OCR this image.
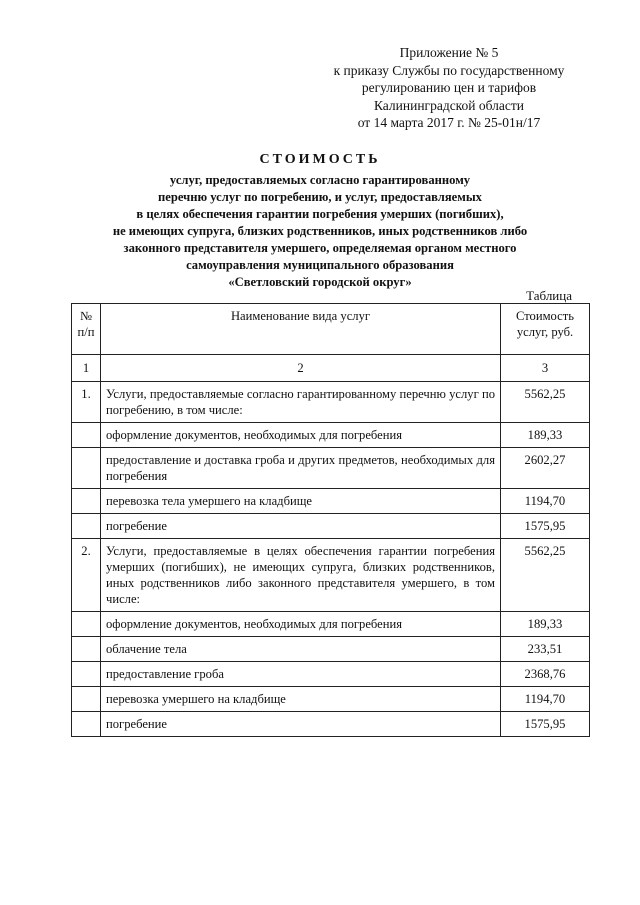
Приложение № 5
к приказу Службы по государственному
регулированию цен и тарифов
Калининградской области
от 14 марта 2017 г. № 25-01н/17
СТОИМОСТЬ
услуг, предоставляемых согласно гарантированному
перечню услуг по погребению, и услуг, предоставляемых
в целях обеспечения гарантии погребения умерших (погибших),
не имеющих супруга, близких родственников, иных родственников либо
законного представителя умершего, определяемая органом местного
самоуправления муниципального образования
«Светловский городской округ»
Таблица
№
п/п	Наименование вида услуг	Стоимость
услуг, руб.
1	2	3
1.	Услуги, предоставляемые согласно гарантированному перечню услуг по погребению, в том числе:	5562,25
	оформление документов, необходимых для погребения	189,33
	предоставление и доставка гроба и других предметов, необходимых для погребения	2602,27
	перевозка тела умершего на кладбище	1194,70
	погребение	1575,95
2.	Услуги, предоставляемые в целях обеспечения гарантии погребения умерших (погибших), не имеющих супруга, близких родственников, иных родственников либо законного представителя умершего, в том числе:	5562,25
	оформление документов, необходимых для погребения	189,33
	облачение тела	233,51
	предоставление гроба	2368,76
	перевозка умершего на кладбище	1194,70
	погребение	1575,95
